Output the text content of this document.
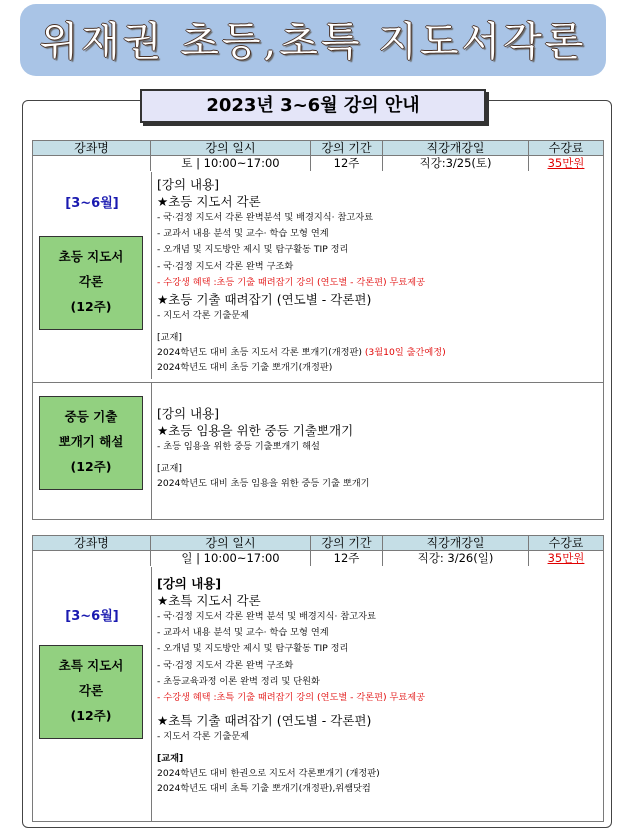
위재권 초등,초특 지도서각론
2023년 3~6월 강의 안내
강좌명	강의 일시	강의 기간	직강개강일	수강료
토 | 10:00~17:00	12주	직강:3/25(토)	35만원
[3~6월]
초등 지도서
각론
(12주)
[강의 내용]
★초등 지도서 각론
- 국·검정 지도서 각론 완벽분석 및 배경지식· 참고자료
- 교과서 내용 분석 및 교수· 학습 모형 연계
- 오개념 및 지도방안 제시 및 탐구활동 TIP 정리
- 국·검정 지도서 각론 완벽 구조화
- 수강생 혜택 :초등 기출 때려잡기 강의 (연도별 - 각론편) 무료제공
★초등 기출 때려잡기 (연도별 - 각론편)
- 지도서 각론 기출문제
[교재]
2024학년도 대비 초등 지도서 각론 뽀개기(개정판) (3월10일 출간예정)
2024학년도 대비 초등 기출 뽀개기(개정판)
중등 기출
뽀개기 해설
(12주)
[강의 내용]
★초등 임용을 위한 중등 기출뽀개기
- 초등 임용을 위한 중등 기출뽀개기 해설
[교재]
2024학년도 대비 초등 임용을 위한 중등 기출 뽀개기
강좌명	강의 일시	강의 기간	직강개강일	수강료
일 | 10:00~17:00	12주	직강: 3/26(일)	35만원
[3~6월]
초특 지도서
각론
(12주)
[강의 내용]
★초특 지도서 각론
- 국·검정 지도서 각론 완벽 분석 및 배경지식· 참고자료
- 교과서 내용 분석 및 교수· 학습 모형 연계
- 오개념 및 지도방안 제시 및 탐구활동 TIP 정리
- 국·검정 지도서 각론 완벽 구조화
- 초등교육과정 이론 완벽 정리 및 단원화
- 수강생 혜택 :초특 기출 때려잡기 강의 (연도별 - 각론편) 무료제공
★초특 기출 때려잡기 (연도별 - 각론편)
- 지도서 각론 기출문제
[교재]
2024학년도 대비 한권으로 지도서 각론뽀개기 (개정판)
2024학년도 대비 초특 기출 뽀개기(개정판),위쌤닷컴
